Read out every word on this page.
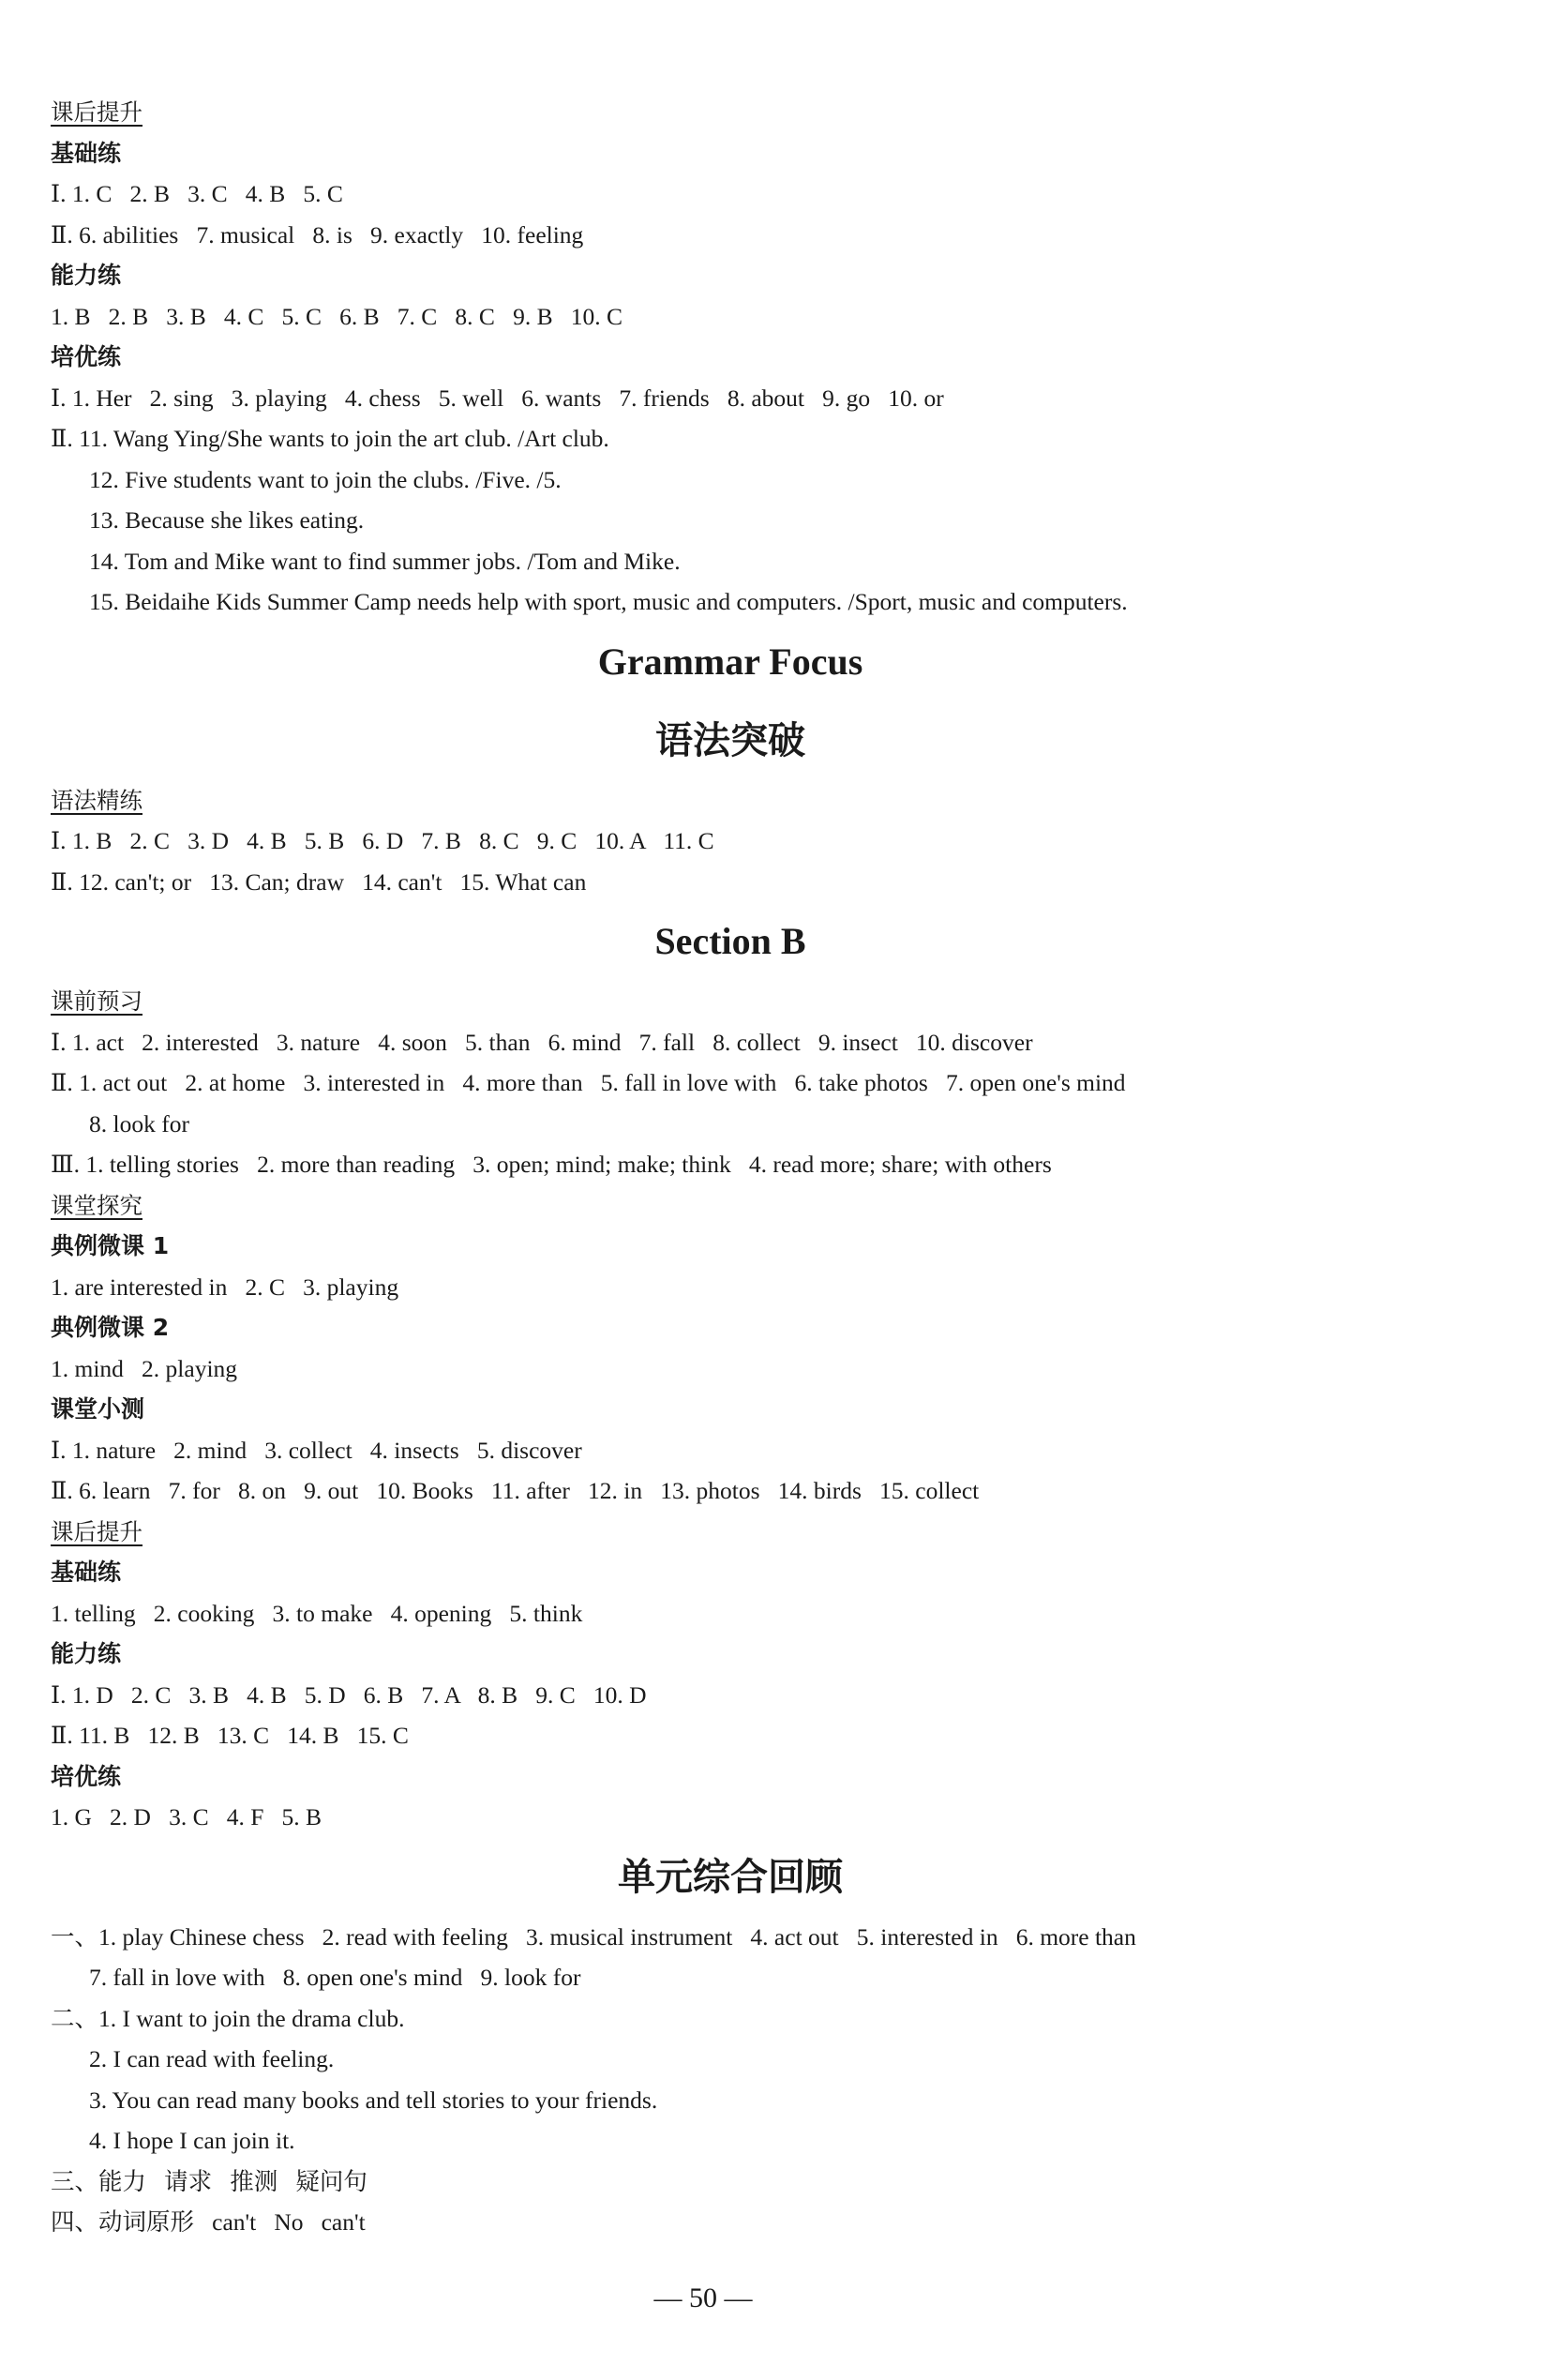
课后提升
基础练
Ⅰ. 1. C   2. B   3. C   4. B   5. C
Ⅱ. 6. abilities   7. musical   8. is   9. exactly   10. feeling
能力练
1. B   2. B   3. B   4. C   5. C   6. B   7. C   8. C   9. B   10. C
培优练
Ⅰ. 1. Her   2. sing   3. playing   4. chess   5. well   6. wants   7. friends   8. about   9. go   10. or
Ⅱ. 11. Wang Ying/She wants to join the art club. /Art club.
12. Five students want to join the clubs. /Five. /5.
13. Because she likes eating.
14. Tom and Mike want to find summer jobs. /Tom and Mike.
15. Beidaihe Kids Summer Camp needs help with sport, music and computers. /Sport, music and computers.
Grammar Focus
语法突破
语法精练
Ⅰ. 1. B   2. C   3. D   4. B   5. B   6. D   7. B   8. C   9. C   10. A   11. C
Ⅱ. 12. can't; or   13. Can; draw   14. can't   15. What can
Section B
课前预习
Ⅰ. 1. act   2. interested   3. nature   4. soon   5. than   6. mind   7. fall   8. collect   9. insect   10. discover
Ⅱ. 1. act out   2. at home   3. interested in   4. more than   5. fall in love with   6. take photos   7. open one's mind
8. look for
Ⅲ. 1. telling stories   2. more than reading   3. open; mind; make; think   4. read more; share; with others
课堂探究
典例微课 1
1. are interested in   2. C   3. playing
典例微课 2
1. mind   2. playing
课堂小测
Ⅰ. 1. nature   2. mind   3. collect   4. insects   5. discover
Ⅱ. 6. learn   7. for   8. on   9. out   10. Books   11. after   12. in   13. photos   14. birds   15. collect
课后提升
基础练
1. telling   2. cooking   3. to make   4. opening   5. think
能力练
Ⅰ. 1. D   2. C   3. B   4. B   5. D   6. B   7. A   8. B   9. C   10. D
Ⅱ. 11. B   12. B   13. C   14. B   15. C
培优练
1. G   2. D   3. C   4. F   5. B
单元综合回顾
一、1. play Chinese chess   2. read with feeling   3. musical instrument   4. act out   5. interested in   6. more than
7. fall in love with   8. open one's mind   9. look for
二、1. I want to join the drama club.
2. I can read with feeling.
3. You can read many books and tell stories to your friends.
4. I hope I can join it.
三、能力   请求   推测   疑问句
四、动词原形   can't   No   can't
— 50 —
